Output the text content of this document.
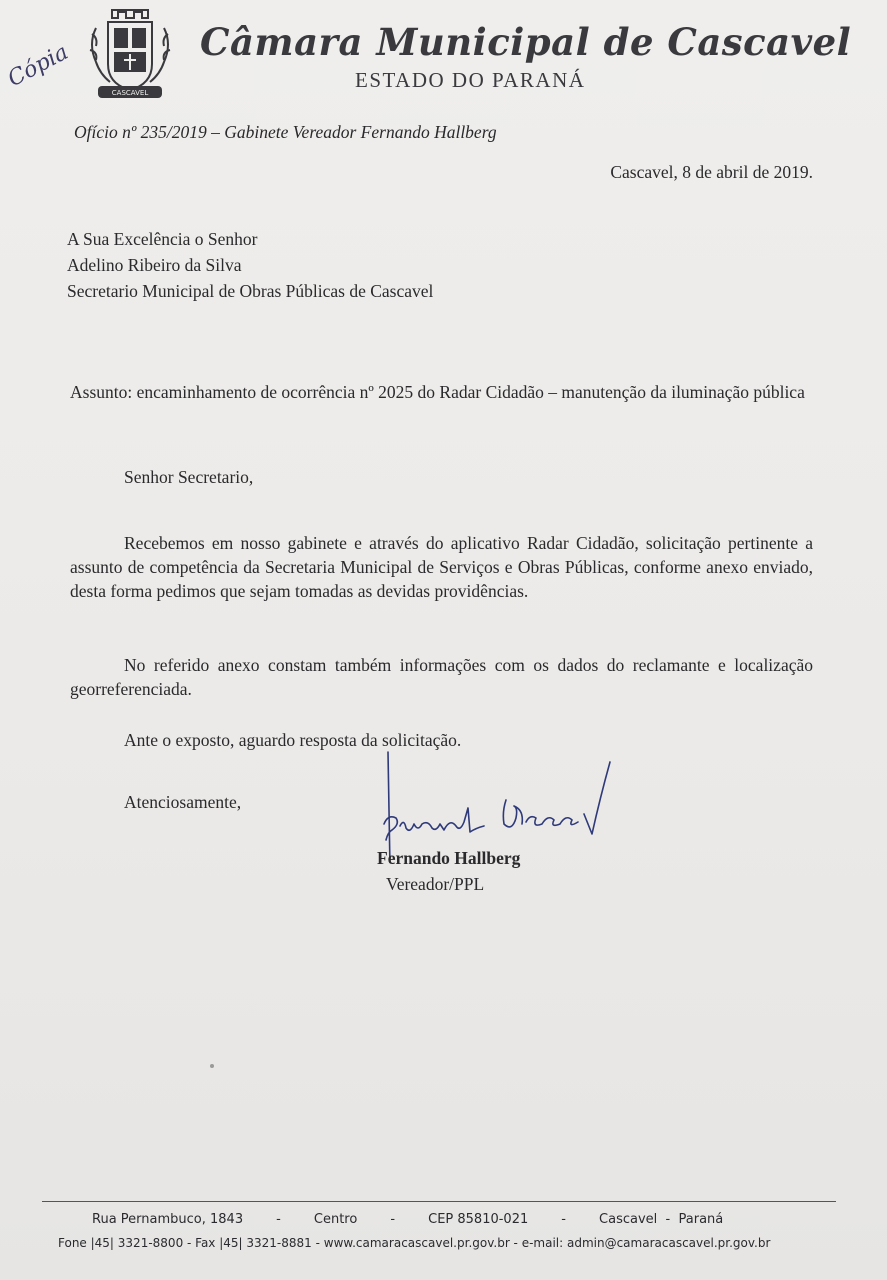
CASCAVEL
Câmara Municipal de Cascavel
ESTADO DO PARANÁ
Cópia
Ofício nº 235/2019 – Gabinete Vereador Fernando Hallberg
Cascavel, 8 de abril de 2019.
A Sua Excelência o Senhor
Adelino Ribeiro da Silva
Secretario Municipal de Obras Públicas de Cascavel
Assunto: encaminhamento de ocorrência nº 2025 do Radar Cidadão – manutenção da iluminação pública
Senhor Secretario,
Recebemos em nosso gabinete e através do aplicativo Radar Cidadão, solicitação pertinente a assunto de competência da Secretaria Municipal de Serviços e Obras Públicas, conforme anexo enviado, desta forma pedimos que sejam tomadas as devidas providências.
No referido anexo constam também informações com os dados do reclamante e localização georreferenciada.
Ante o exposto, aguardo resposta da solicitação.
Atenciosamente,
Fernando Hallberg
Vereador/PPL
Rua Pernambuco, 1843        -        Centro        -        CEP 85810-021        -        Cascavel  -  Paraná
Fone |45| 3321-8800 - Fax |45| 3321-8881 - www.camaracascavel.pr.gov.br - e-mail: admin@camaracascavel.pr.gov.br
